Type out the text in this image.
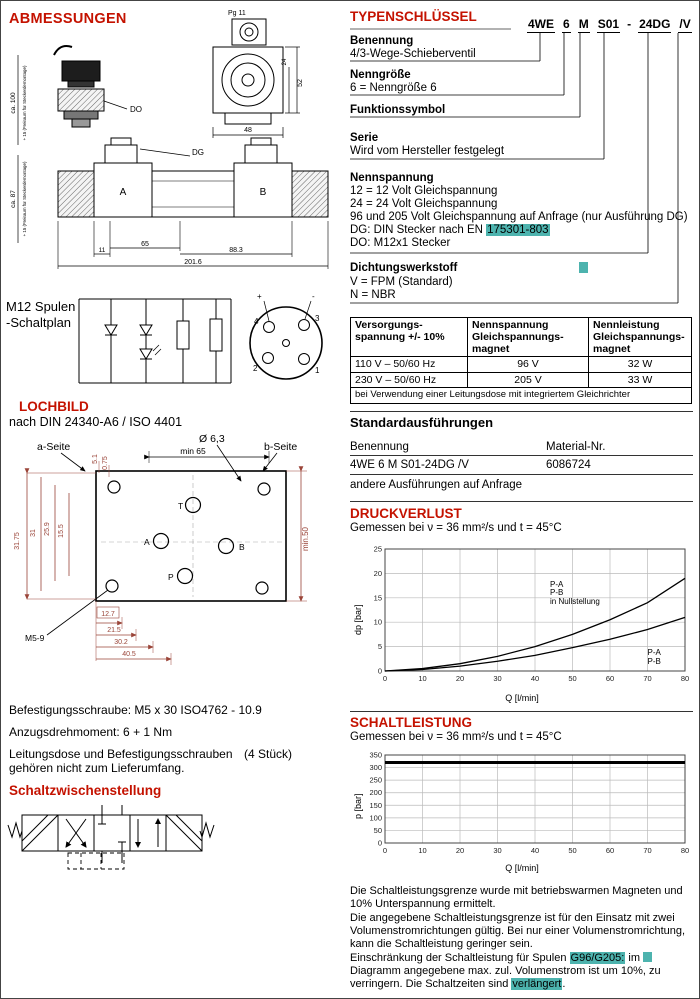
ABMESSUNGEN	Pg 11
48
52
24
DO
DG
ca. 100 + 15 (Freiraum für Steckerdemontage)
ca. 87 + 15 (Freiraum für Steckerdemontage)	A	B
11
65
88.3
201.6
M12 Spulen
-Schaltplan
+	-
4	3
2	1
LOCHBILD
nach DIN 24340-A6 / ISO 4401
a-Seite	b-Seite
Ø 6,3
min 65
T
A	B
P
M5-9
31.75 31 25.9 15.5
5.1 0.75
min.50
12.7
21.5
30.2
40.5
Befestigungsschraube: M5 x 30 ISO4762 - 10.9
Anzugsdrehmoment: 6 + 1 Nm
Leitungsdose und Befestigungsschrauben (4 Stück)
gehören nicht zum Lieferumfang.
Schaltzwischenstellung
TYPENSCHLÜSSEL	4WE 6 M S01 - 24DG /V
Benennung
4/3-Wege-Schieberventil
Nenngröße
6 = Nenngröße 6
Funktionssymbol
Serie
Wird vom Hersteller festgelegt
Nennspannung
12 = 12 Volt Gleichspannung
24 = 24 Volt Gleichspannung
96 und 205 Volt Gleichspannung auf Anfrage (nur Ausführung DG)
DG: DIN Stecker nach EN 175301-803
DO: M12x1 Stecker
Dichtungswerkstoff
V = FPM (Standard)
N = NBR
Versorgungs-
spannung +/- 10%

Nennspannung
Gleichspannungs-
magnet

Nennleistung
Gleichspannungs-
magnet

110 V – 50/60 Hz	96 V	32 W
230 V – 50/60 Hz	205 V	33 W
bei Verwendung einer Leitungsdose mit integriertem Gleichrichter		
Standardausführungen
Benennung	Material-Nr.
4WE 6 M S01-24DG /V	6086724
andere Ausführungen auf Anfrage
DRUCKVERLUST
Gemessen bei ν = 36 mm²/s und t = 45°C
0	10	20	30	40	50	60	70	80
0
5
10
15
20
25
P-A
P-B
in Nullstellung
P-A
P-B
dp [bar]
Q [l/min]
SCHALTLEISTUNG
Gemessen bei ν = 36 mm²/s und t = 45°C
0	10	20	30	40	50	60	70	80
0
50
100
150
200
250
300
350
p [bar]
Q [l/min]
Die Schaltleistungsgrenze wurde mit betriebswarmen Magneten und 10% Unterspannung ermittelt.
Die angegebene Schaltleistungsgrenze ist für den Einsatz mit zwei Volumenstromrichtungen gültig. Bei nur einer Volumenstromrichtung, kann die Schaltleistung geringer sein.
Einschränkung der Schaltleistung für Spulen G96/G205: im  Diagramm angegebene max. zul. Volumenstrom ist um 10%, zu verringern. Die Schaltzeiten sind verlängert.
